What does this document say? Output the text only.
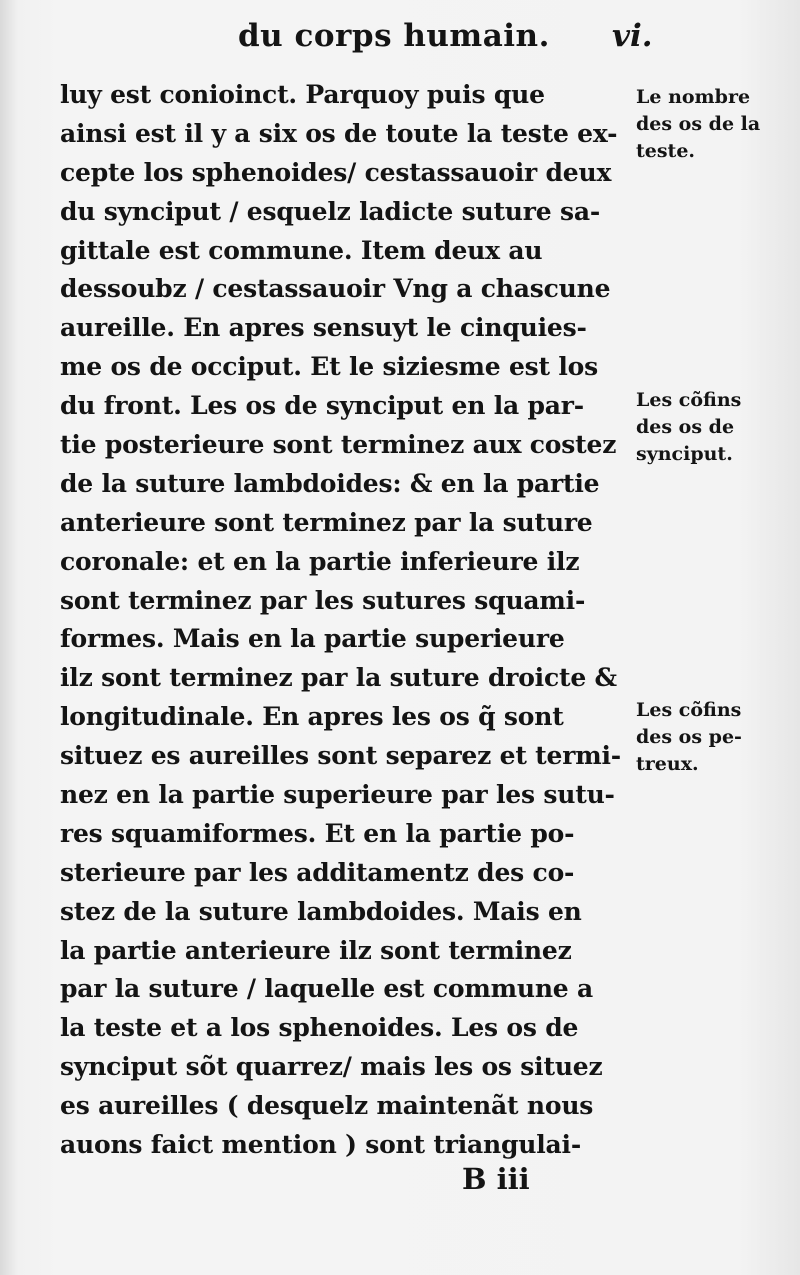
du corps humain. vi.
luy est conioinct. Parquoy puis que
ainsi est il y a six os de toute la teste ex-
cepte los sphenoides/ cestassauoir deux
du synciput / esquelz ladicte suture sa-
gittale est commune. Item deux au
dessoubz / cestassauoir Vng a chascune
aureille. En apres sensuyt le cinquies-
me os de occiput. Et le siziesme est los
du front. Les os de synciput en la par-
tie posterieure sont terminez aux costez
de la suture lambdoides: & en la partie
anterieure sont terminez par la suture
coronale: et en la partie inferieure ilz
sont terminez par les sutures squami-
formes. Mais en la partie superieure
ilz sont terminez par la suture droicte &
longitudinale. En apres les os q̃ sont
situez es aureilles sont separez et termi-
nez en la partie superieure par les sutu-
res squamiformes. Et en la partie po-
sterieure par les additamentz des co-
stez de la suture lambdoides. Mais en
la partie anterieure ilz sont terminez
par la suture / laquelle est commune a
la teste et a los sphenoides. Les os de
synciput sõt quarrez/ mais les os situez
es aureilles ( desquelz maintenãt nous
auons faict mention ) sont triangulai-
Le nombre
des os de la
teste.
Les cõfins
des os de
synciput.
Les cõfins
des os pe-
treux.
B iii
